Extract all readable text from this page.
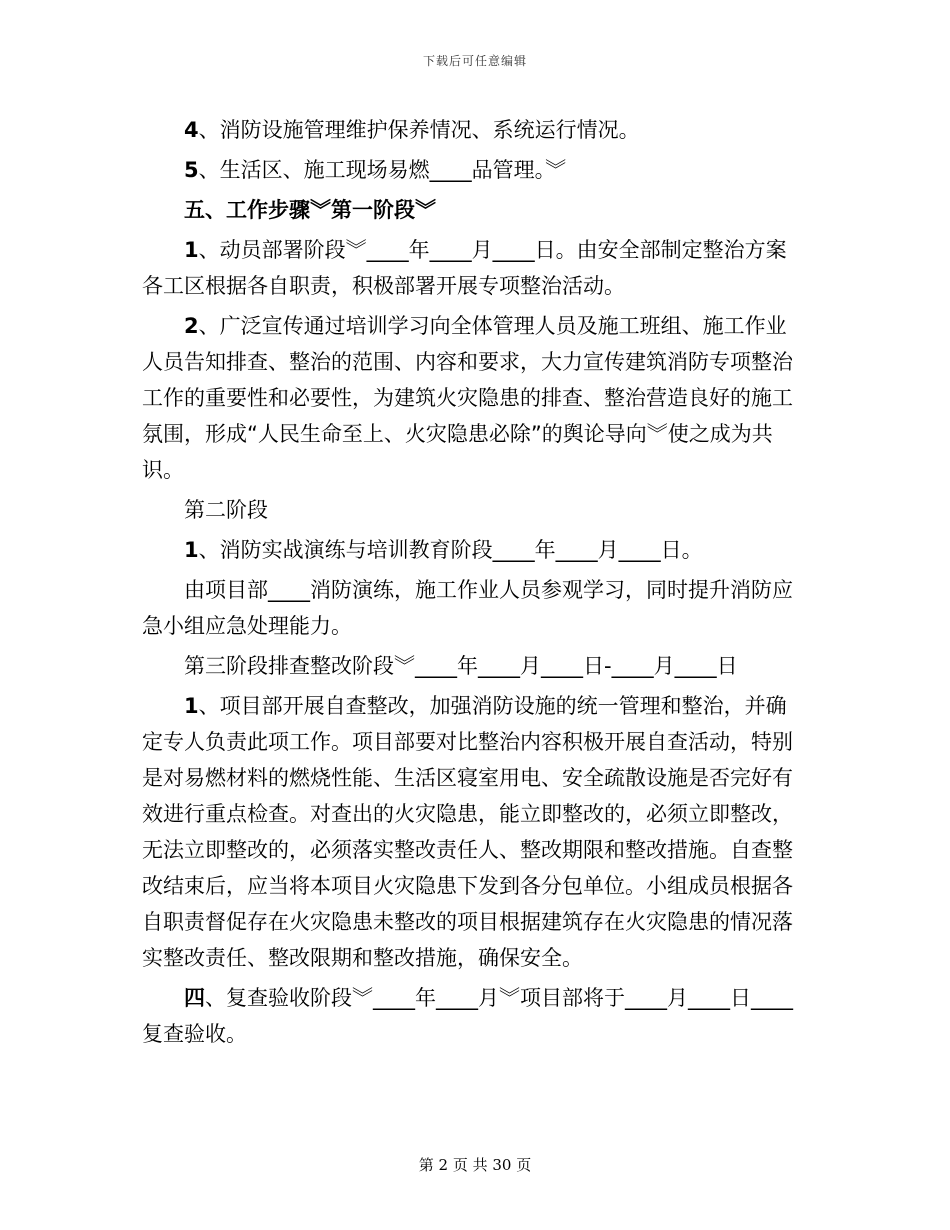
下载后可任意编辑

4、消防设施管理维护保养情况、系统运行情况。

5、生活区、施工现场易燃____品管理。︾

五、工作步骤︾第一阶段︾

1、动员部署阶段︾____年____月____日。由安全部制定整治方案各工区根据各自职责，积极部署开展专项整治活动。

2、广泛宣传通过培训学习向全体管理人员及施工班组、施工作业人员告知排查、整治的范围、内容和要求，大力宣传建筑消防专项整治工作的重要性和必要性，为建筑火灾隐患的排查、整治营造良好的施工氛围，形成“人民生命至上、火灾隐患必除”的舆论导向︾使之成为共识。

第二阶段

1、消防实战演练与培训教育阶段____年____月____日。

由项目部____消防演练，施工作业人员参观学习，同时提升消防应急小组应急处理能力。

第三阶段排查整改阶段︾____年____月____日-____月____日

1、项目部开展自查整改，加强消防设施的统一管理和整治，并确定专人负责此项工作。项目部要对比整治内容积极开展自查活动，特别是对易燃材料的燃烧性能、生活区寝室用电、安全疏散设施是否完好有效进行重点检查。对查出的火灾隐患，能立即整改的，必须立即整改，无法立即整改的，必须落实整改责任人、整改期限和整改措施。自查整改结束后，应当将本项目火灾隐患下发到各分包单位。小组成员根据各自职责督促存在火灾隐患未整改的项目根据建筑存在火灾隐患的情况落实整改责任、整改限期和整改措施，确保安全。

四、复查验收阶段︾____年____月︾项目部将于____月____日____复查验收。

第 2 页 共 30 页
